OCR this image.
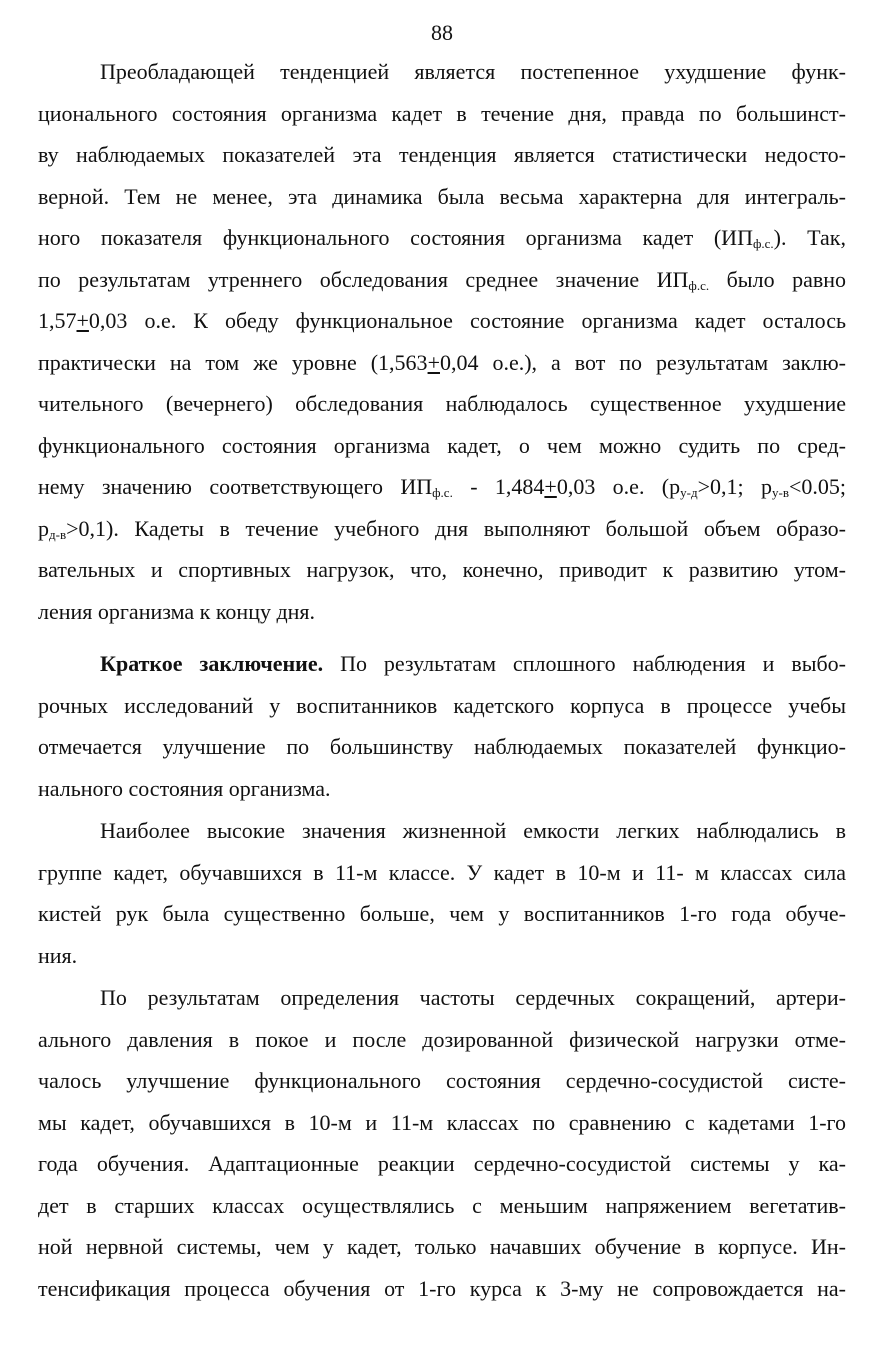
88
Преобладающей тенденцией является постепенное ухудшение функ-
ционального состояния организма кадет в течение дня, правда по большинст-
ву наблюдаемых показателей эта тенденция является статистически недосто-
верной. Тем не менее, эта динамика была весьма характерна для интеграль-
ного показателя функционального состояния организма кадет $(ИП_{ф.с.})$. Так,
по результатам утреннего обследования среднее значение $ИП_{ф.с.}$ было равно
1,57+0,03 о.е. К обеду функциональное состояние организма кадет осталось
практически на том же уровне (1,563+0,04 о.е.), а вот по результатам заклю-
чительного (вечернего) обследования наблюдалось существенное ухудшение
функционального состояния организма кадет, о чем можно судить по сред-
нему значению соответствующего $ИП_{ф.с.} - 1,484+0,03$ о.е. ($p_{у-д}>0,1$; $p_{у-в}<0.05$;
$p_{д-в}>0,1$). Кадеты в течение учебного дня выполняют большой объем образо-
вательных и спортивных нагрузок, что, конечно, приводит к развитию утом-
ления организма к концу дня.
Краткое заключение. По результатам сплошного наблюдения и выбо-
рочных исследований у воспитанников кадетского корпуса в процессе учебы
отмечается улучшение по большинству наблюдаемых показателей функцио-
нального состояния организма.
Наиболее высокие значения жизненной емкости легких наблюдались в
группе кадет, обучавшихся в 11-м классе. У кадет в 10-м и 11- м классах сила
кистей рук была существенно больше, чем у воспитанников 1-го года обуче-
ния.
По результатам определения частоты сердечных сокращений, артери-
ального давления в покое и после дозированной физической нагрузки отме-
чалось улучшение функционального состояния сердечно-сосудистой систе-
мы кадет, обучавшихся в 10-м и 11-м классах по сравнению с кадетами 1-го
года обучения. Адаптационные реакции сердечно-сосудистой системы у ка-
дет в старших классах осуществлялись с меньшим напряжением вегетатив-
ной нервной системы, чем у кадет, только начавших обучение в корпусе. Ин-
тенсификация процесса обучения от 1-го курса к 3-му не сопровождается на-
